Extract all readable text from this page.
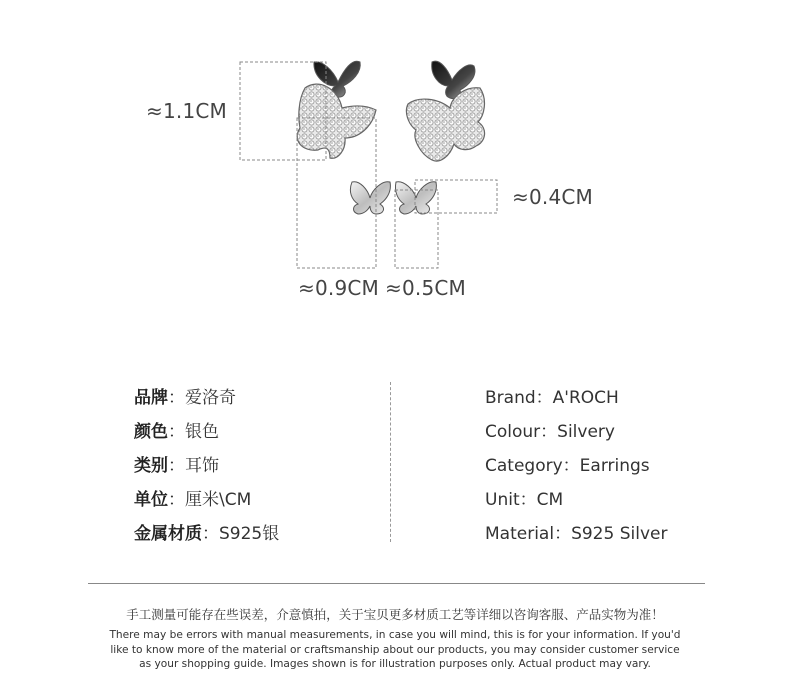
≈1.1CM
≈0.4CM
≈0.9CM ≈0.5CM
品牌：爱洛奇
颜色：银色
类别：耳饰
单位：厘米\CM
金属材质：S925银
Brand：A'ROCH
Colour：Silvery
Category：Earrings
Unit：CM
Material：S925 Silver
手工测量可能存在些误差，介意慎拍，关于宝贝更多材质工艺等详细以咨询客服、产品实物为准！
There may be errors with manual measurements, in case you will mind, this is for your information. If you'd
like to know more of the material or craftsmanship about our products, you may consider customer service
as your shopping guide. Images shown is for illustration purposes only. Actual product may vary.
